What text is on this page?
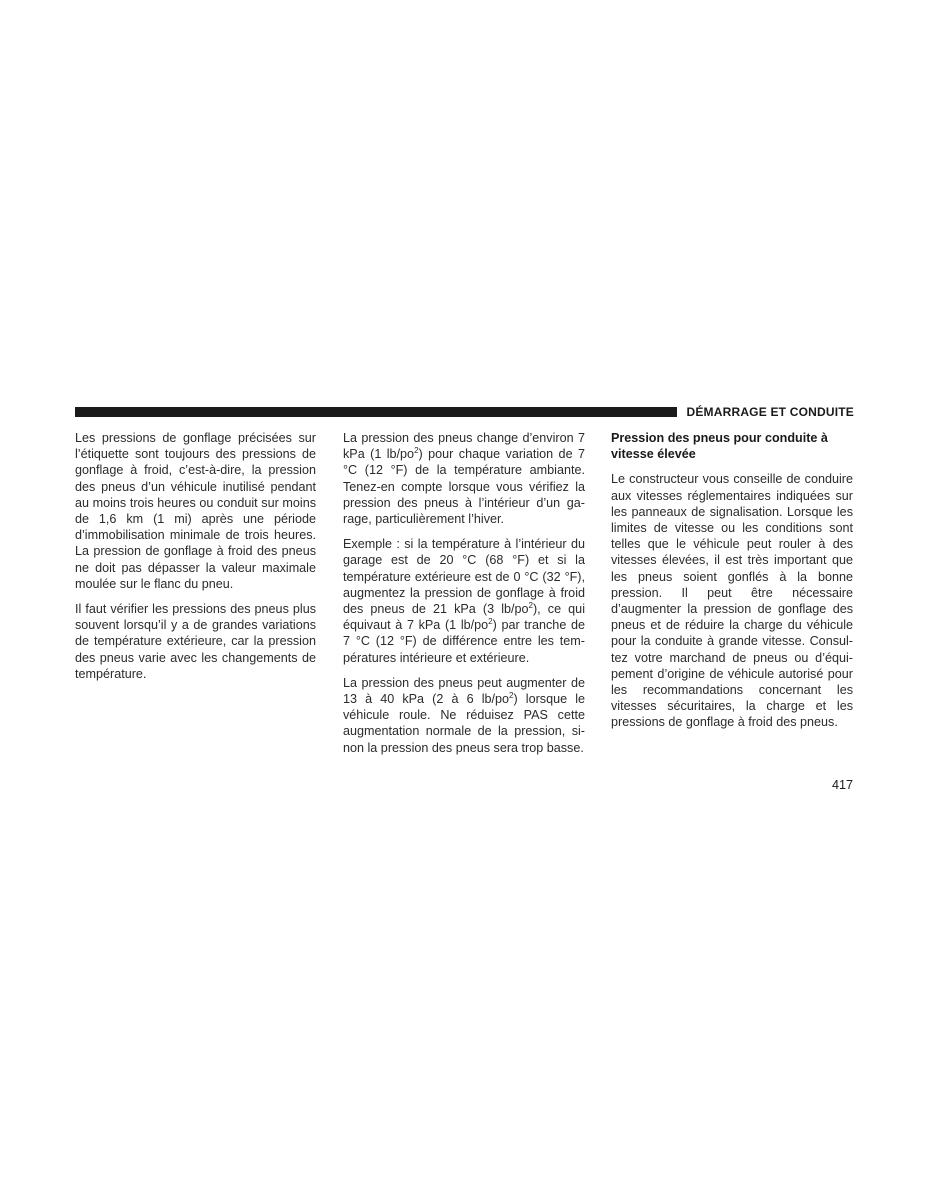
DÉMARRAGE ET CONDUITE

Les pressions de gonflage précisées sur l’étiquette sont toujours des pressions de gonflage à froid, c’est-à-dire, la pression des pneus d’un véhicule inutilisé pendant au moins trois heures ou conduit sur moins de 1,6 km (1 mi) après une période d’immobilisation minimale de trois heures. La pression de gonflage à froid des pneus ne doit pas dépasser la valeur maximale moulée sur le flanc du pneu.

Il faut vérifier les pressions des pneus plus souvent lorsqu’il y a de grandes variations de température extérieure, car la pression des pneus varie avec les changements de température.

La pression des pneus change d’environ 7 kPa (1 $lb/po^2$) pour chaque variation de 7 °C (12 °F) de la température ambiante. Tenez-en compte lorsque vous vérifiez la pression des pneus à l’intérieur d’un garage, particulièrement l’hiver.

Exemple : si la température à l’intérieur du garage est de 20 °C (68 °F) et si la température extérieure est de 0 °C (32 °F), augmentez la pression de gonflage à froid des pneus de 21 kPa (3 $lb/po^2$), ce qui équivaut à 7 kPa (1 $lb/po^2$) par tranche de 7 °C (12 °F) de différence entre les températures intérieure et extérieure.

La pression des pneus peut augmenter de 13 à 40 kPa (2 à 6 $lb/po^2$) lorsque le véhicule roule. Ne réduisez PAS cette augmentation normale de la pression, sinon la pression des pneus sera trop basse.

Pression des pneus pour conduite à vitesse élevée

Le constructeur vous conseille de conduire aux vitesses réglementaires indiquées sur les panneaux de signalisation. Lorsque les limites de vitesse ou les conditions sont telles que le véhicule peut rouler à des vitesses élevées, il est très important que les pneus soient gonflés à la bonne pression. Il peut être nécessaire d’augmenter la pression de gonflage des pneus et de réduire la charge du véhicule pour la conduite à grande vitesse. Consultez votre marchand de pneus ou d’équipement d’origine de véhicule autorisé pour les recommandations concernant les vitesses sécuritaires, la charge et les pressions de gonflage à froid des pneus.

417
